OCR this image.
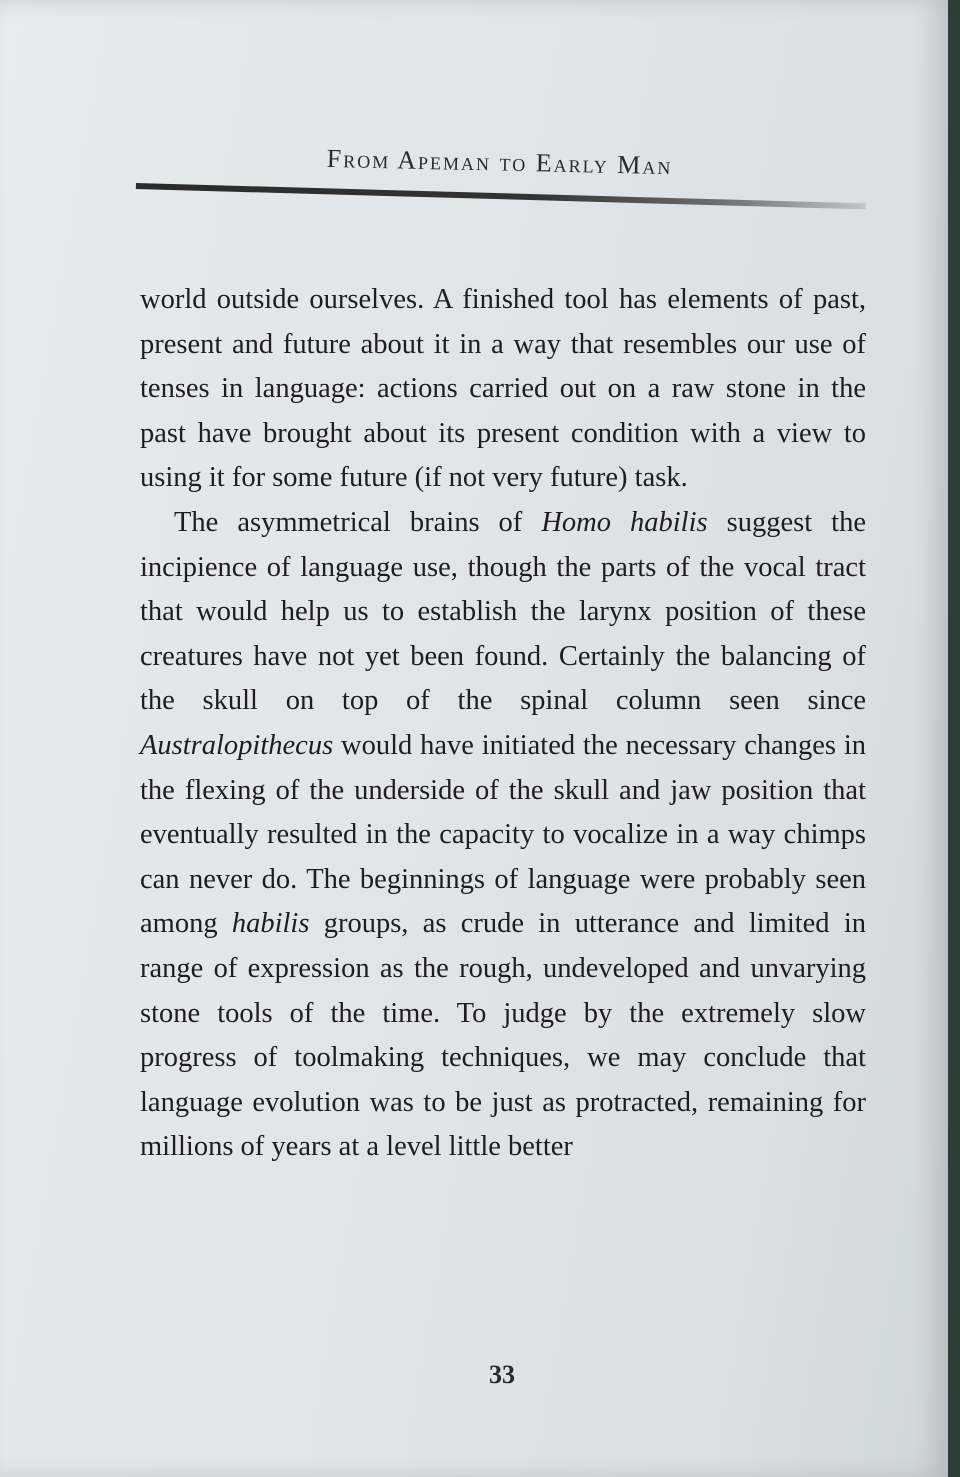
From Apeman to Early Man

world outside ourselves. A finished tool has elements of past, present and future about it in a way that resembles our use of tenses in language: actions carried out on a raw stone in the past have brought about its present condition with a view to using it for some future (if not very future) task.

The asymmetrical brains of Homo habilis suggest the incipience of language use, though the parts of the vocal tract that would help us to establish the larynx position of these creatures have not yet been found. Certainly the balancing of the skull on top of the spinal column seen since Australopithecus would have initiated the necessary changes in the flexing of the underside of the skull and jaw position that eventually resulted in the capacity to vocalize in a way chimps can never do. The beginnings of language were probably seen among habilis groups, as crude in utterance and limited in range of expression as the rough, undeveloped and unvarying stone tools of the time. To judge by the extremely slow progress of toolmaking techniques, we may conclude that language evolution was to be just as protracted, remaining for millions of years at a level little better

33
